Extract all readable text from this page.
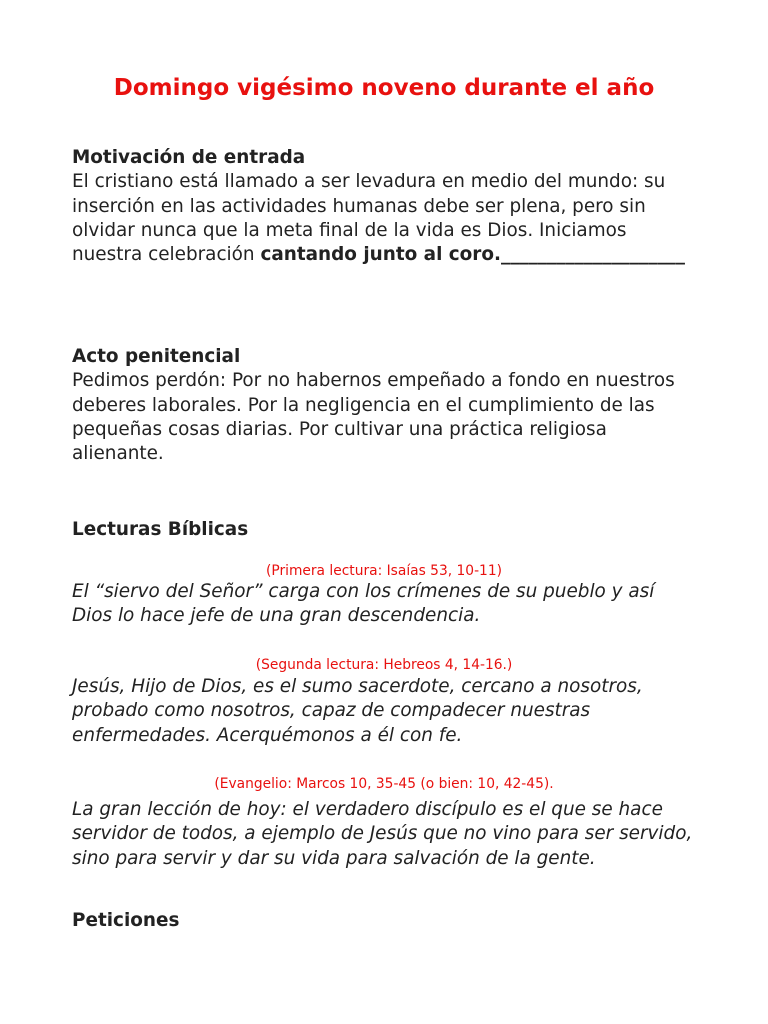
Domingo vigésimo noveno durante el año

Motivación de entrada

El cristiano está llamado a ser levadura en medio del mundo: su inserción en las actividades humanas debe ser plena, pero sin olvidar nunca que la meta final de la vida es Dios. Iniciamos nuestra celebración cantando junto al coro.____________________

Acto penitencial

Pedimos perdón: Por no habernos empeñado a fondo en nuestros deberes laborales. Por la negligencia en el cumplimiento de las pequeñas cosas diarias. Por cultivar una práctica religiosa alienante.

Lecturas Bíblicas

(Primera lectura: Isaías 53, 10-11)
El “siervo del Señor” carga con los crímenes de su pueblo y así Dios lo hace jefe de una gran descendencia.
(Segunda lectura: Hebreos 4, 14-16.)
Jesús, Hijo de Dios, es el sumo sacerdote, cercano a nosotros, probado como nosotros, capaz de compadecer nuestras enfermedades. Acerquémonos a él con fe.
(Evangelio: Marcos 10, 35-45 (o bien: 10, 42-45).
La gran lección de hoy: el verdadero discípulo es el que se hace servidor de todos, a ejemplo de Jesús que no vino para ser servido, sino para servir y dar su vida para salvación de la gente.

Peticiones
